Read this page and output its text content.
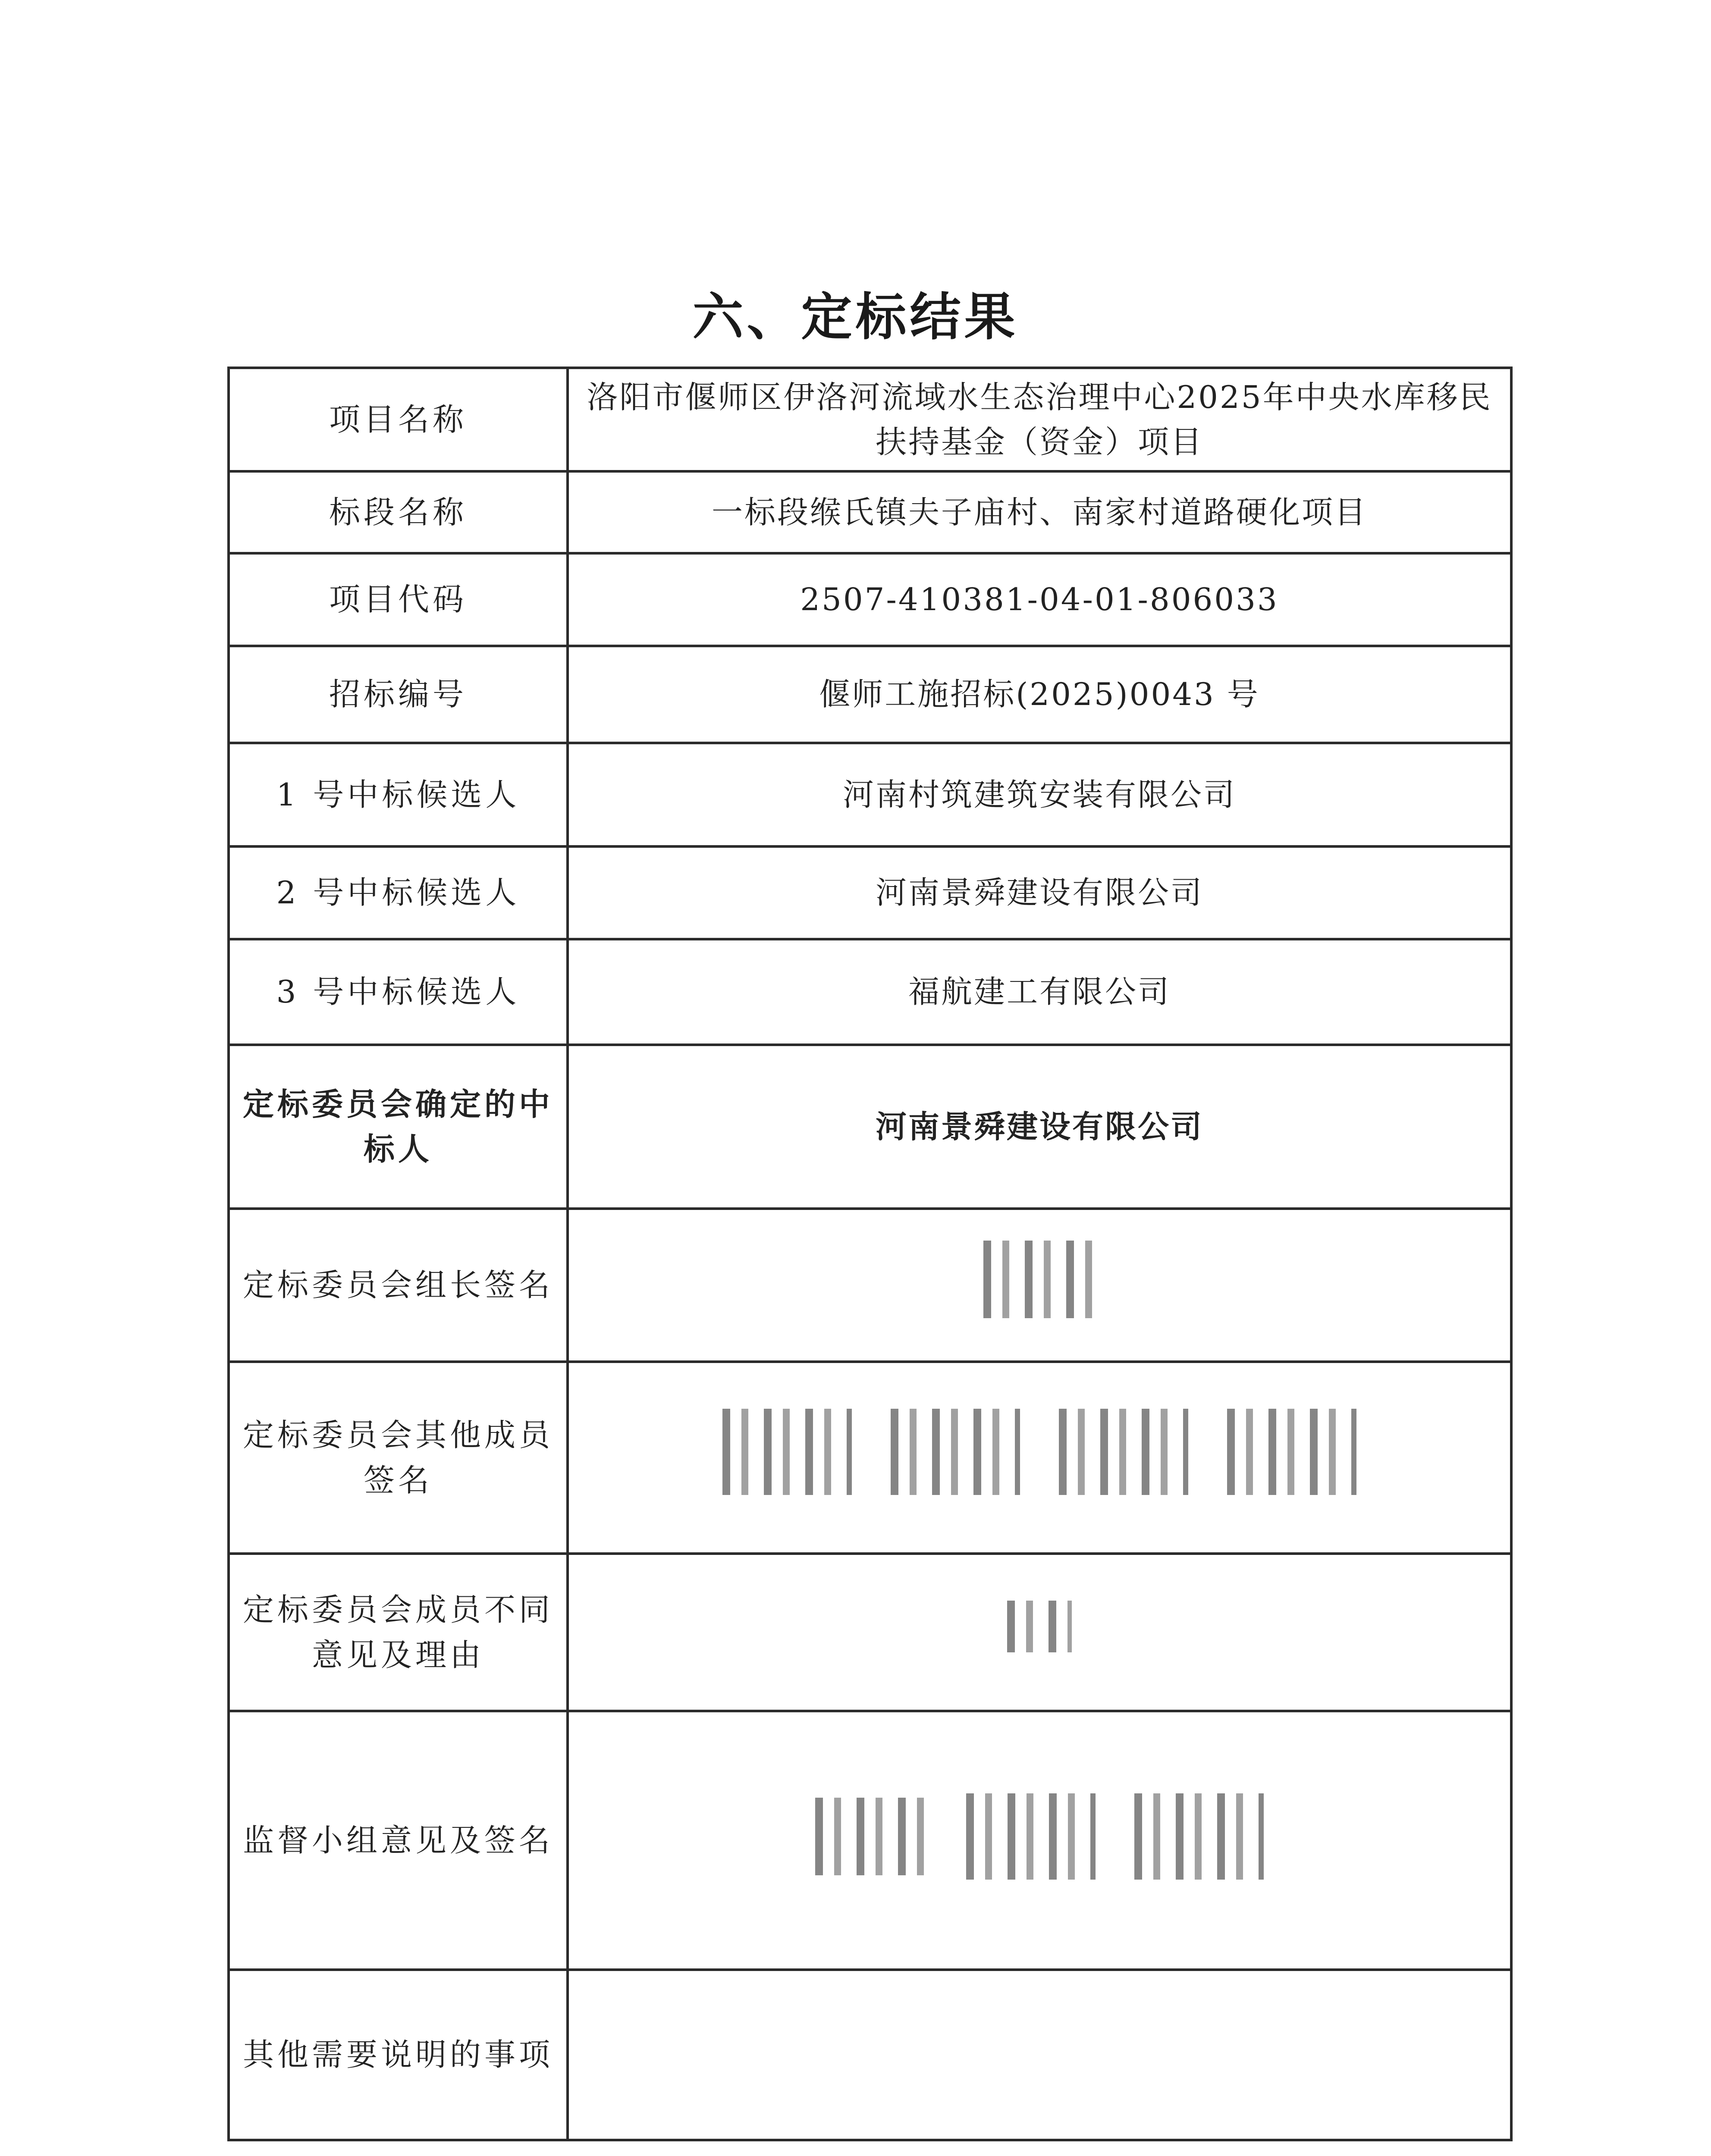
六、定标结果
项目名称	洛阳市偃师区伊洛河流域水生态治理中心2025年中央水库移民扶持基金（资金）项目
标段名称	一标段缑氏镇夫子庙村、南家村道路硬化项目
项目代码	2507-410381-04-01-806033
招标编号	偃师工施招标(2025)0043 号
1 号中标候选人	河南村筑建筑安装有限公司
2 号中标候选人	河南景舜建设有限公司
3 号中标候选人	福航建工有限公司
定标委员会确定的中标人	河南景舜建设有限公司
定标委员会组长签名	

定标委员会其他成员签名	

定标委员会成员不同意见及理由	

监督小组意见及签名	

其他需要说明的事项	
